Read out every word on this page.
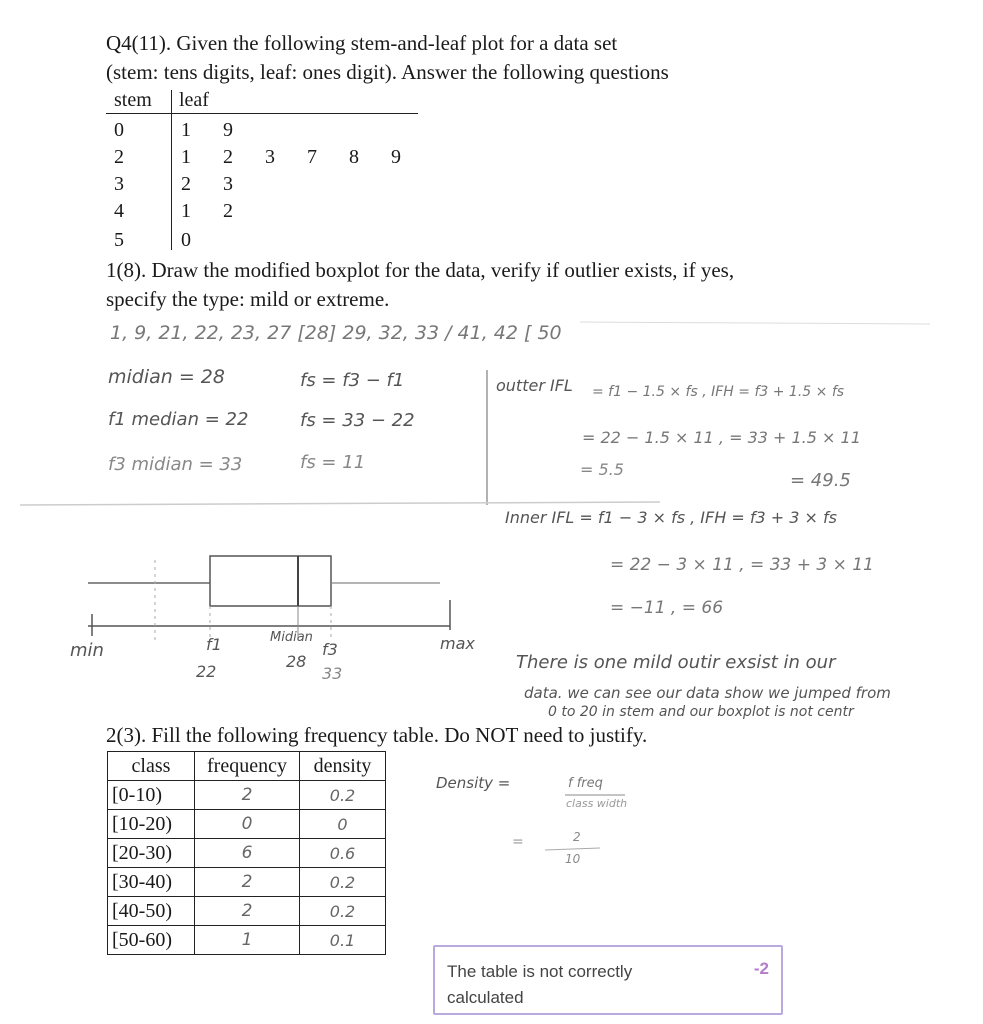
Q4(11). Given the following stem-and-leaf plot for a data set
(stem: tens digits, leaf: ones digit). Answer the following questions
stem leaf
0	1 9
2	1 2 3 7 8 9
3	2 3
4	1 2
5	0
1(8). Draw the modified boxplot for the data, verify if outlier exists, if yes,
specify the type: mild or extreme.
1, 9, 21, 22, 23, 27 [28] 29, 32, 33 / 41, 42 [ 50
midian = 28
f1 median = 22
f3 midian = 33
fs = f3 − f1
fs = 33 − 22
fs = 11
outter IFL = f1 − 1.5 × fs , IFH = f3 + 1.5 × fs
= 22 − 1.5 × 11 , = 33 + 1.5 × 11
= 5.5
= 49.5
Inner IFL = f1 − 3 × fs , IFH = f3 + 3 × fs
= 22 − 3 × 11 , = 33 + 3 × 11
= −11 , = 66
min	f1
22
Midian
28
f3
33
max
There is one mild outir exsist in our
data. we can see our data show we jumped from
0 to 20 in stem and our boxplot is not centr
2(3). Fill the following frequency table. Do NOT need to justify.
class	frequency	density
[0-10)	2	0.2
[10-20)	0	0
[20-30)	6	0.6
[30-40)	2	0.2
[40-50)	2	0.2
[50-60)	1	0.1
Density =	f freq
class width
=	2
10
The table is not correctly calculated
-2
